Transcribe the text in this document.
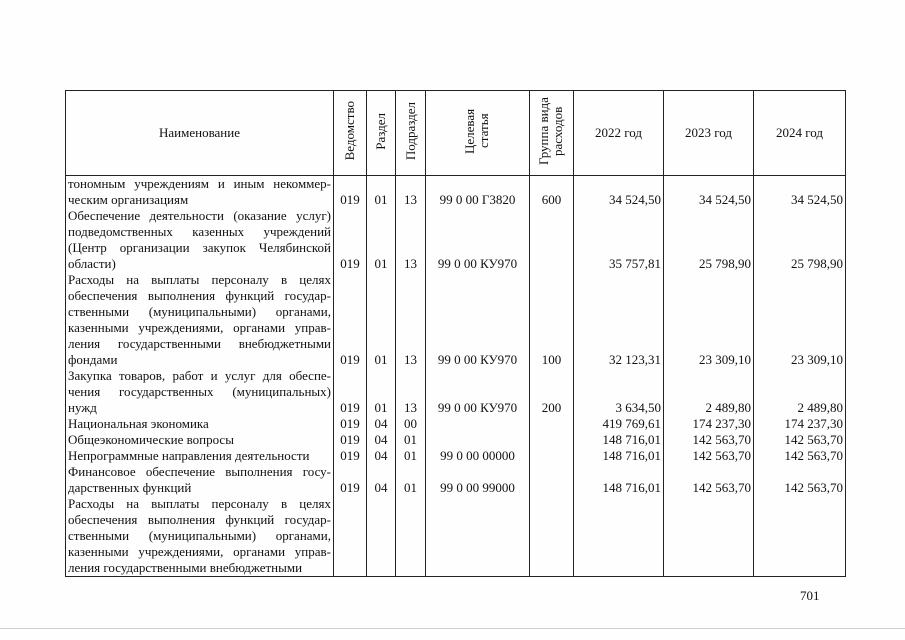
Наименование	Ведомство	Раздел	Подраздел	Целевая статья	Группа вида расходов	2022 год	2023 год	2024 год
тономным учреждениям и иным некоммер-ческим организациям	019	01	13	99 0 00 Г3820	600	34 524,50	34 524,50	34 524,50
Обеспечение деятельности (оказание услуг) подведомственных казенных учреждений (Центр организации закупок Челябинской области)	019	01	13	99 0 00 КУ970		35 757,81	25 798,90	25 798,90
Расходы на выплаты персоналу в целях обеспечения выполнения функций государ-ственными (муниципальными) органами, казенными учреждениями, органами управ-ления государственными внебюджетными фондами	019	01	13	99 0 00 КУ970	100	32 123,31	23 309,10	23 309,10
Закупка товаров, работ и услуг для обеспе-чения государственных (муниципальных) нужд	019	01	13	99 0 00 КУ970	200	3 634,50	2 489,80	2 489,80
Национальная экономика	019	04	00			419 769,61	174 237,30	174 237,30
Общеэкономические вопросы	019	04	01			148 716,01	142 563,70	142 563,70
Непрограммные направления деятельности	019	04	01	99 0 00 00000		148 716,01	142 563,70	142 563,70
Финансовое обеспечение выполнения госу-дарственных функций	019	04	01	99 0 00 99000		148 716,01	142 563,70	142 563,70
Расходы на выплаты персоналу в целях обеспечения выполнения функций государ-ственными (муниципальными) органами, казенными учреждениями, органами управ-ления государственными внебюджетными								
701
